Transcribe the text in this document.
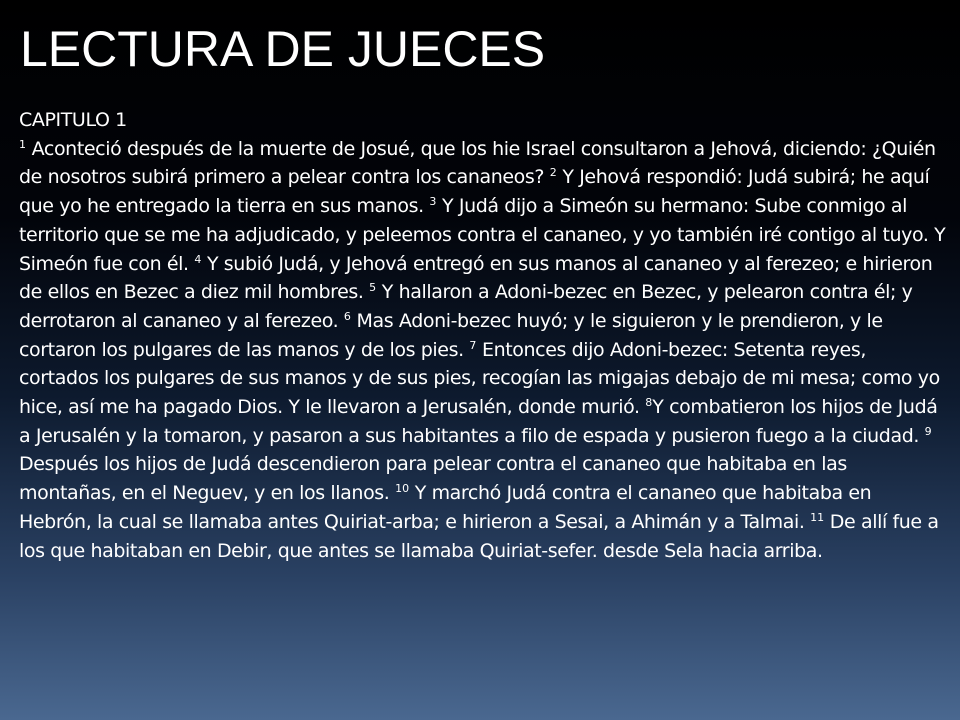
LECTURA DE JUECES
CAPITULO 1
$^1$ Aconteció después de la muerte de Josué, que los hie Israel consultaron a Jehová, diciendo: ¿Quién de nosotros subirá primero a pelear contra los cananeos? $^2$ Y Jehová respondió: Judá subirá; he aquí que yo he entregado la tierra en sus manos. $^3$ Y Judá dijo a Simeón su hermano: Sube conmigo al territorio que se me ha adjudicado, y peleemos contra el cananeo, y yo también iré contigo al tuyo. Y Simeón fue con él. $^4$ Y subió Judá, y Jehová entregó en sus manos al cananeo y al ferezeo; e hirieron de ellos en Bezec a diez mil hombres. $^5$ Y hallaron a Adoni-bezec en Bezec, y pelearon contra él; y derrotaron al cananeo y al ferezeo. $^6$ Mas Adoni-bezec huyó; y le siguieron y le prendieron, y le cortaron los pulgares de las manos y de los pies. $^7$ Entonces dijo Adoni-bezec: Setenta reyes, cortados los pulgares de sus manos y de sus pies, recogían las migajas debajo de mi mesa; como yo hice, así me ha pagado Dios. Y le llevaron a Jerusalén, donde murió. $^8$Y combatieron los hijos de Judá a Jerusalén y la tomaron, y pasaron a sus habitantes a filo de espada y pusieron fuego a la ciudad. $^9$ Después los hijos de Judá descendieron para pelear contra el cananeo que habitaba en las montañas, en el Neguev, y en los llanos. $^{10}$ Y marchó Judá contra el cananeo que habitaba en Hebrón, la cual se llamaba antes Quiriat-arba; e hirieron a Sesai, a Ahimán y a Talmai. $^{11}$ De allí fue a los que habitaban en Debir, que antes se llamaba Quiriat-sefer. desde Sela hacia arriba.
